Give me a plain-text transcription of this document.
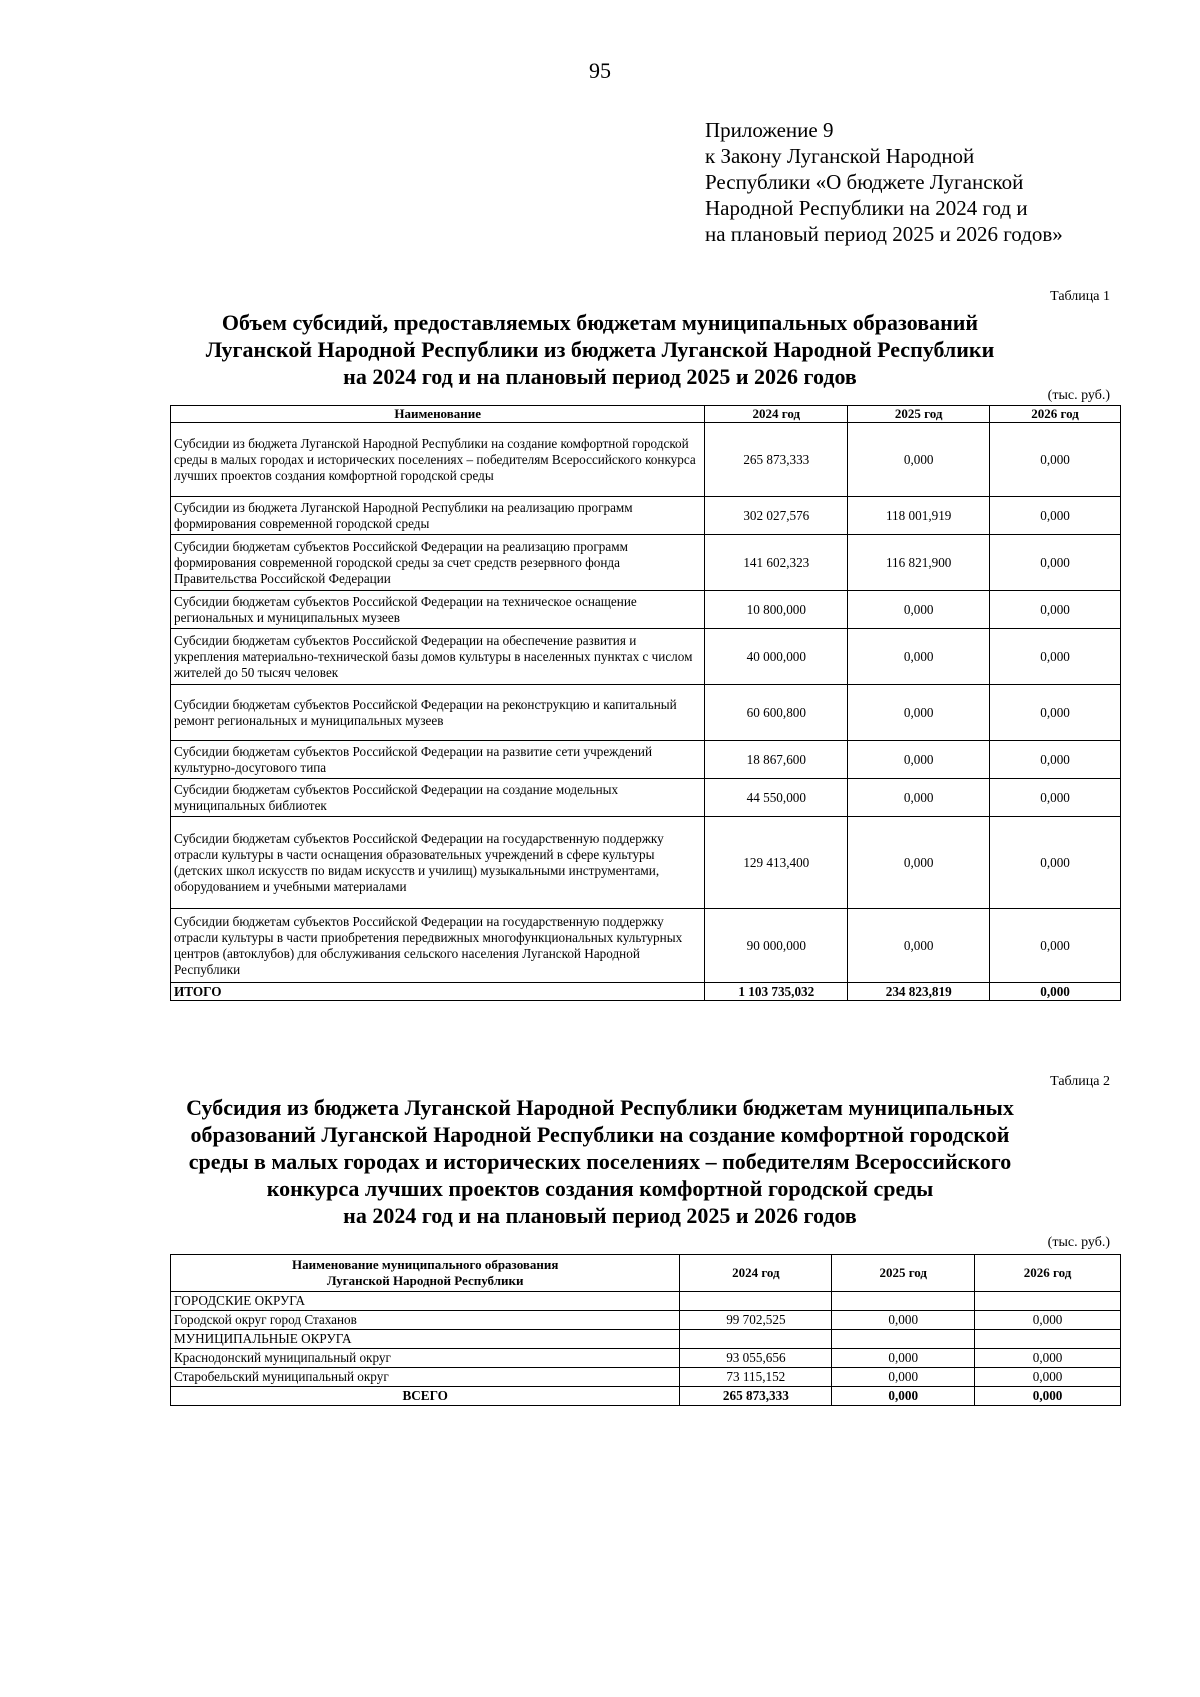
95
Приложение 9
к Закону Луганской Народной
Республики «О бюджете Луганской
Народной Республики на 2024 год и
на плановый период 2025 и 2026 годов»
Таблица 1
Объем субсидий, предоставляемых бюджетам муниципальных образований
Луганской Народной Республики из бюджета Луганской Народной Республики
на 2024 год и на плановый период 2025 и 2026 годов
(тыс. руб.)
Наименование	2024 год	2025 год	2026 год
Субсидии из бюджета Луганской Народной Республики на создание комфортной городской среды в малых городах и исторических поселениях – победителям Всероссийского конкурса лучших проектов создания комфортной городской среды	265 873,333	0,000	0,000
Субсидии из бюджета Луганской Народной Республики на реализацию программ формирования современной городской среды	302 027,576	118 001,919	0,000
Субсидии бюджетам субъектов Российской Федерации на реализацию программ формирования современной городской среды за счет средств резервного фонда Правительства Российской Федерации	141 602,323	116 821,900	0,000
Субсидии бюджетам субъектов Российской Федерации на техническое оснащение региональных и муниципальных музеев	10 800,000	0,000	0,000
Субсидии бюджетам субъектов Российской Федерации на обеспечение развития и укрепления материально-технической базы домов культуры в населенных пунктах с числом жителей до 50 тысяч человек	40 000,000	0,000	0,000
Субсидии бюджетам субъектов Российской Федерации на реконструкцию и капитальный ремонт региональных и муниципальных музеев	60 600,800	0,000	0,000
Субсидии бюджетам субъектов Российской Федерации на развитие сети учреждений культурно-досугового типа	18 867,600	0,000	0,000
Субсидии бюджетам субъектов Российской Федерации на создание модельных муниципальных библиотек	44 550,000	0,000	0,000
Субсидии бюджетам субъектов Российской Федерации на государственную поддержку отрасли культуры в части оснащения образовательных учреждений в сфере культуры (детских школ искусств по видам искусств и училищ) музыкальными инструментами, оборудованием и учебными материалами	129 413,400	0,000	0,000
Субсидии бюджетам субъектов Российской Федерации на государственную поддержку отрасли культуры в части приобретения передвижных многофункциональных культурных центров (автоклубов) для обслуживания сельского населения Луганской Народной Республики	90 000,000	0,000	0,000
ИТОГО	1 103 735,032	234 823,819	0,000
Таблица 2
Субсидия из бюджета Луганской Народной Республики бюджетам муниципальных
образований Луганской Народной Республики на создание комфортной городской
среды в малых городах и исторических поселениях – победителям Всероссийского
конкурса лучших проектов создания комфортной городской среды
на 2024 год и на плановый период 2025 и 2026 годов
(тыс. руб.)
Наименование муниципального образования
Луганской Народной Республики	2024 год	2025 год	2026 год
ГОРОДСКИЕ ОКРУГА			
Городской округ город Стаханов	99 702,525	0,000	0,000
МУНИЦИПАЛЬНЫЕ ОКРУГА			
Краснодонский муниципальный округ	93 055,656	0,000	0,000
Старобельский муниципальный округ	73 115,152	0,000	0,000
ВСЕГО	265 873,333	0,000	0,000
